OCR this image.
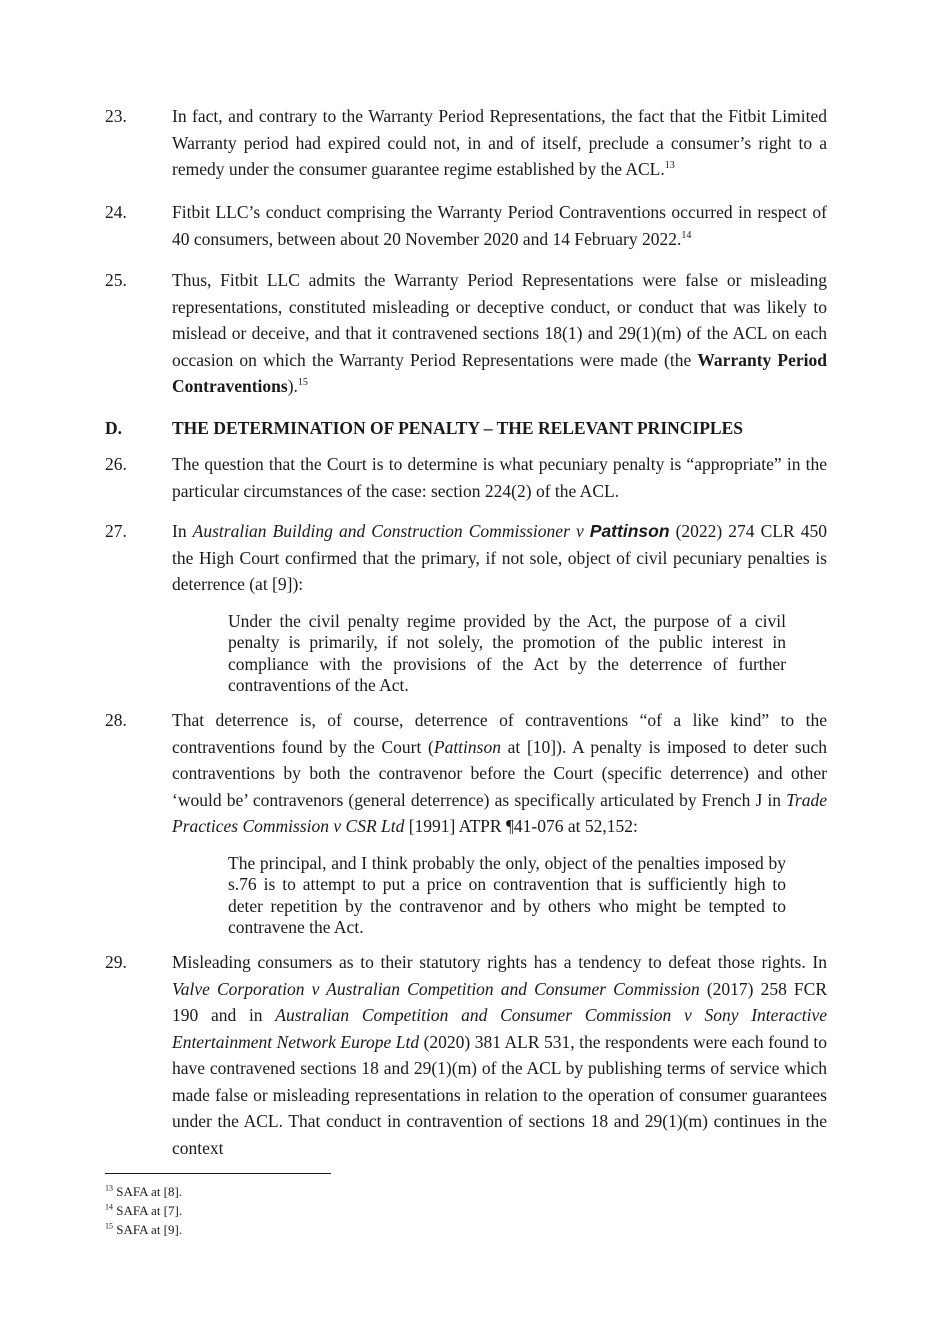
23.	In fact, and contrary to the Warranty Period Representations, the fact that the Fitbit Limited Warranty period had expired could not, in and of itself, preclude a consumer’s right to a remedy under the consumer guarantee regime established by the ACL.$^{13}$
24.	Fitbit LLC’s conduct comprising the Warranty Period Contraventions occurred in respect of 40 consumers, between about 20 November 2020 and 14 February 2022.14
25.	Thus, Fitbit LLC admits the Warranty Period Representations were false or misleading representations, constituted misleading or deceptive conduct, or conduct that was likely to mislead or deceive, and that it contravened sections 18(1) and 29(1)(m) of the ACL on each occasion on which the Warranty Period Representations were made (the Warranty Period Contraventions).$^{15}$
D.	THE DETERMINATION OF PENALTY – THE RELEVANT PRINCIPLES
26.	The question that the Court is to determine is what pecuniary penalty is “appropriate” in the particular circumstances of the case: section 224(2) of the ACL.
27.	In Australian Building and Construction Commissioner v Pattinson (2022) 274 CLR 450 the High Court confirmed that the primary, if not sole, object of civil pecuniary penalties is deterrence (at [9]):
Under the civil penalty regime provided by the Act, the purpose of a civil penalty is primarily, if not solely, the promotion of the public interest in compliance with the provisions of the Act by the deterrence of further contraventions of the Act.
28.	That deterrence is, of course, deterrence of contraventions “of a like kind” to the contraventions found by the Court (Pattinson at [10]). A penalty is imposed to deter such contraventions by both the contravenor before the Court (specific deterrence) and other ‘would be’ contravenors (general deterrence) as specifically articulated by French J in Trade Practices Commission v CSR Ltd [1991] ATPR ¶41-076 at 52,152:
The principal, and I think probably the only, object of the penalties imposed by s.76 is to attempt to put a price on contravention that is sufficiently high to deter repetition by the contravenor and by others who might be tempted to contravene the Act.
29.	Misleading consumers as to their statutory rights has a tendency to defeat those rights. In Valve Corporation v Australian Competition and Consumer Commission (2017) 258 FCR 190 and in Australian Competition and Consumer Commission v Sony Interactive Entertainment Network Europe Ltd (2020) 381 ALR 531, the respondents were each found to have contravened sections 18 and 29(1)(m) of the ACL by publishing terms of service which made false or misleading representations in relation to the operation of consumer guarantees under the ACL. That conduct in contravention of sections 18 and 29(1)(m) continues in the context
$^{13}$ SAFA at [8].
$^{14}$ SAFA at [7].
$^{15}$ SAFA at [9].
